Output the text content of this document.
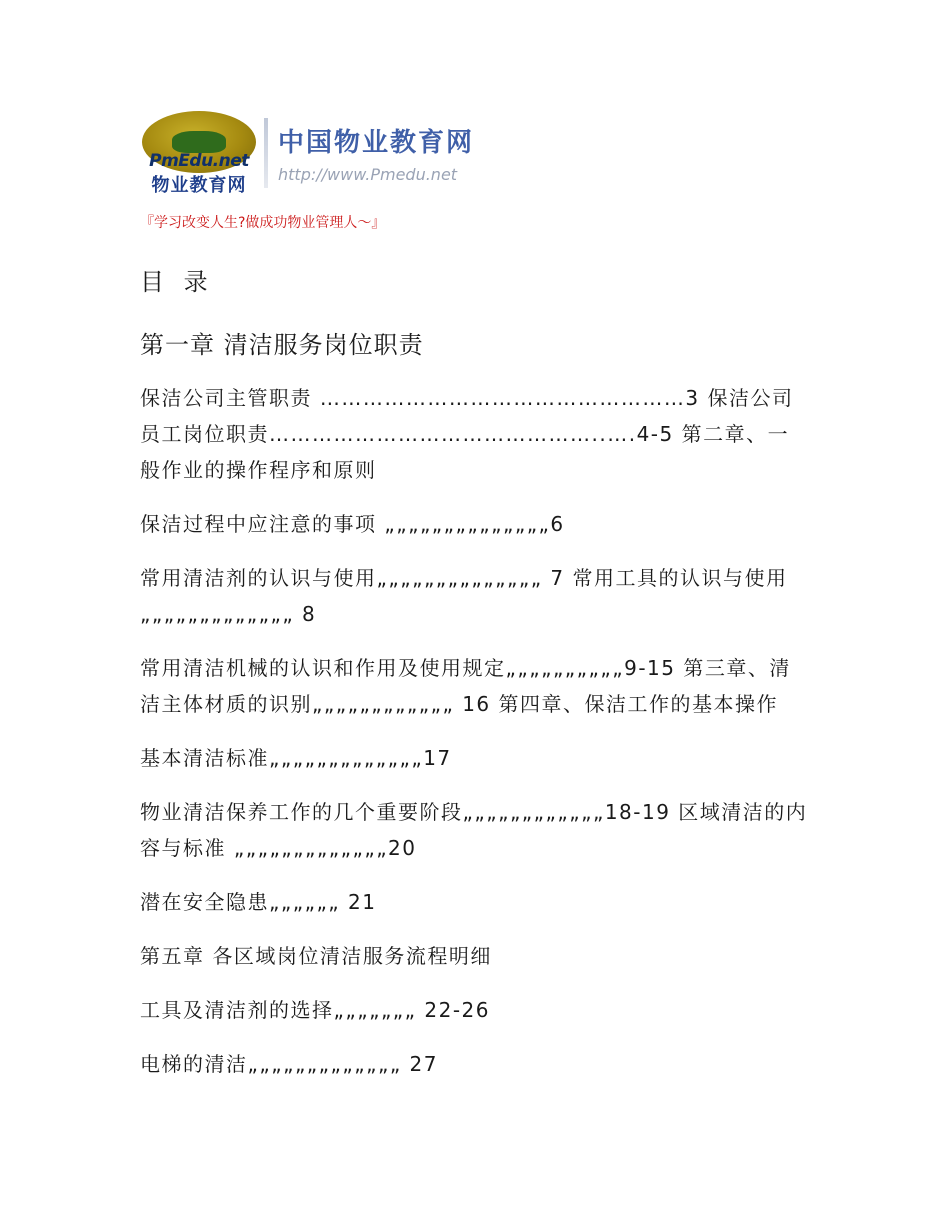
PmEdu.net
物业教育网
中国物业教育网
http://www.Pmedu.net
『学习改变人生?做成功物业管理人～』
目 录
第一章 清洁服务岗位职责
保洁公司主管职责 ……………………………………………3 保洁公司员工岗位职责………………………………………..….4-5 第二章、一般作业的操作程序和原则
保洁过程中应注意的事项 „„„„„„„„„„„„„„6
常用清洁剂的认识与使用„„„„„„„„„„„„„„ 7 常用工具的认识与使用 „„„„„„„„„„„„„ 8
常用清洁机械的认识和作用及使用规定„„„„„„„„„„9-15 第三章、清洁主体材质的识别„„„„„„„„„„„„ 16 第四章、保洁工作的基本操作
基本清洁标准„„„„„„„„„„„„„17
物业清洁保养工作的几个重要阶段„„„„„„„„„„„„18-19 区域清洁的内容与标准 „„„„„„„„„„„„„20
潜在安全隐患„„„„„„ 21
第五章 各区域岗位清洁服务流程明细
工具及清洁剂的选择„„„„„„„ 22-26
电梯的清洁„„„„„„„„„„„„„ 27
